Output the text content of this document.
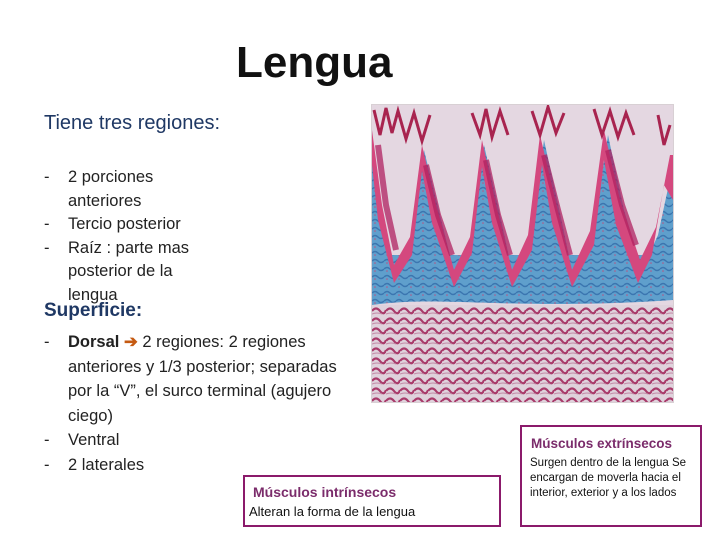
Lengua
Tiene tres regiones:
- 2 porciones anteriores
- Tercio posterior
- Raíz : parte mas posterior de la lengua
Superficie:
- Dorsal ➔ 2 regiones: 2 regiones anteriores y 1/3 posterior; separadas por la “V”, el surco terminal (agujero ciego)
- Ventral
- 2 laterales
Músculos intrínsecos
Alteran la forma de la lengua
Músculos extrínsecos
Surgen dentro de la lengua Se encargan de moverla hacia el interior, exterior y a los lados
